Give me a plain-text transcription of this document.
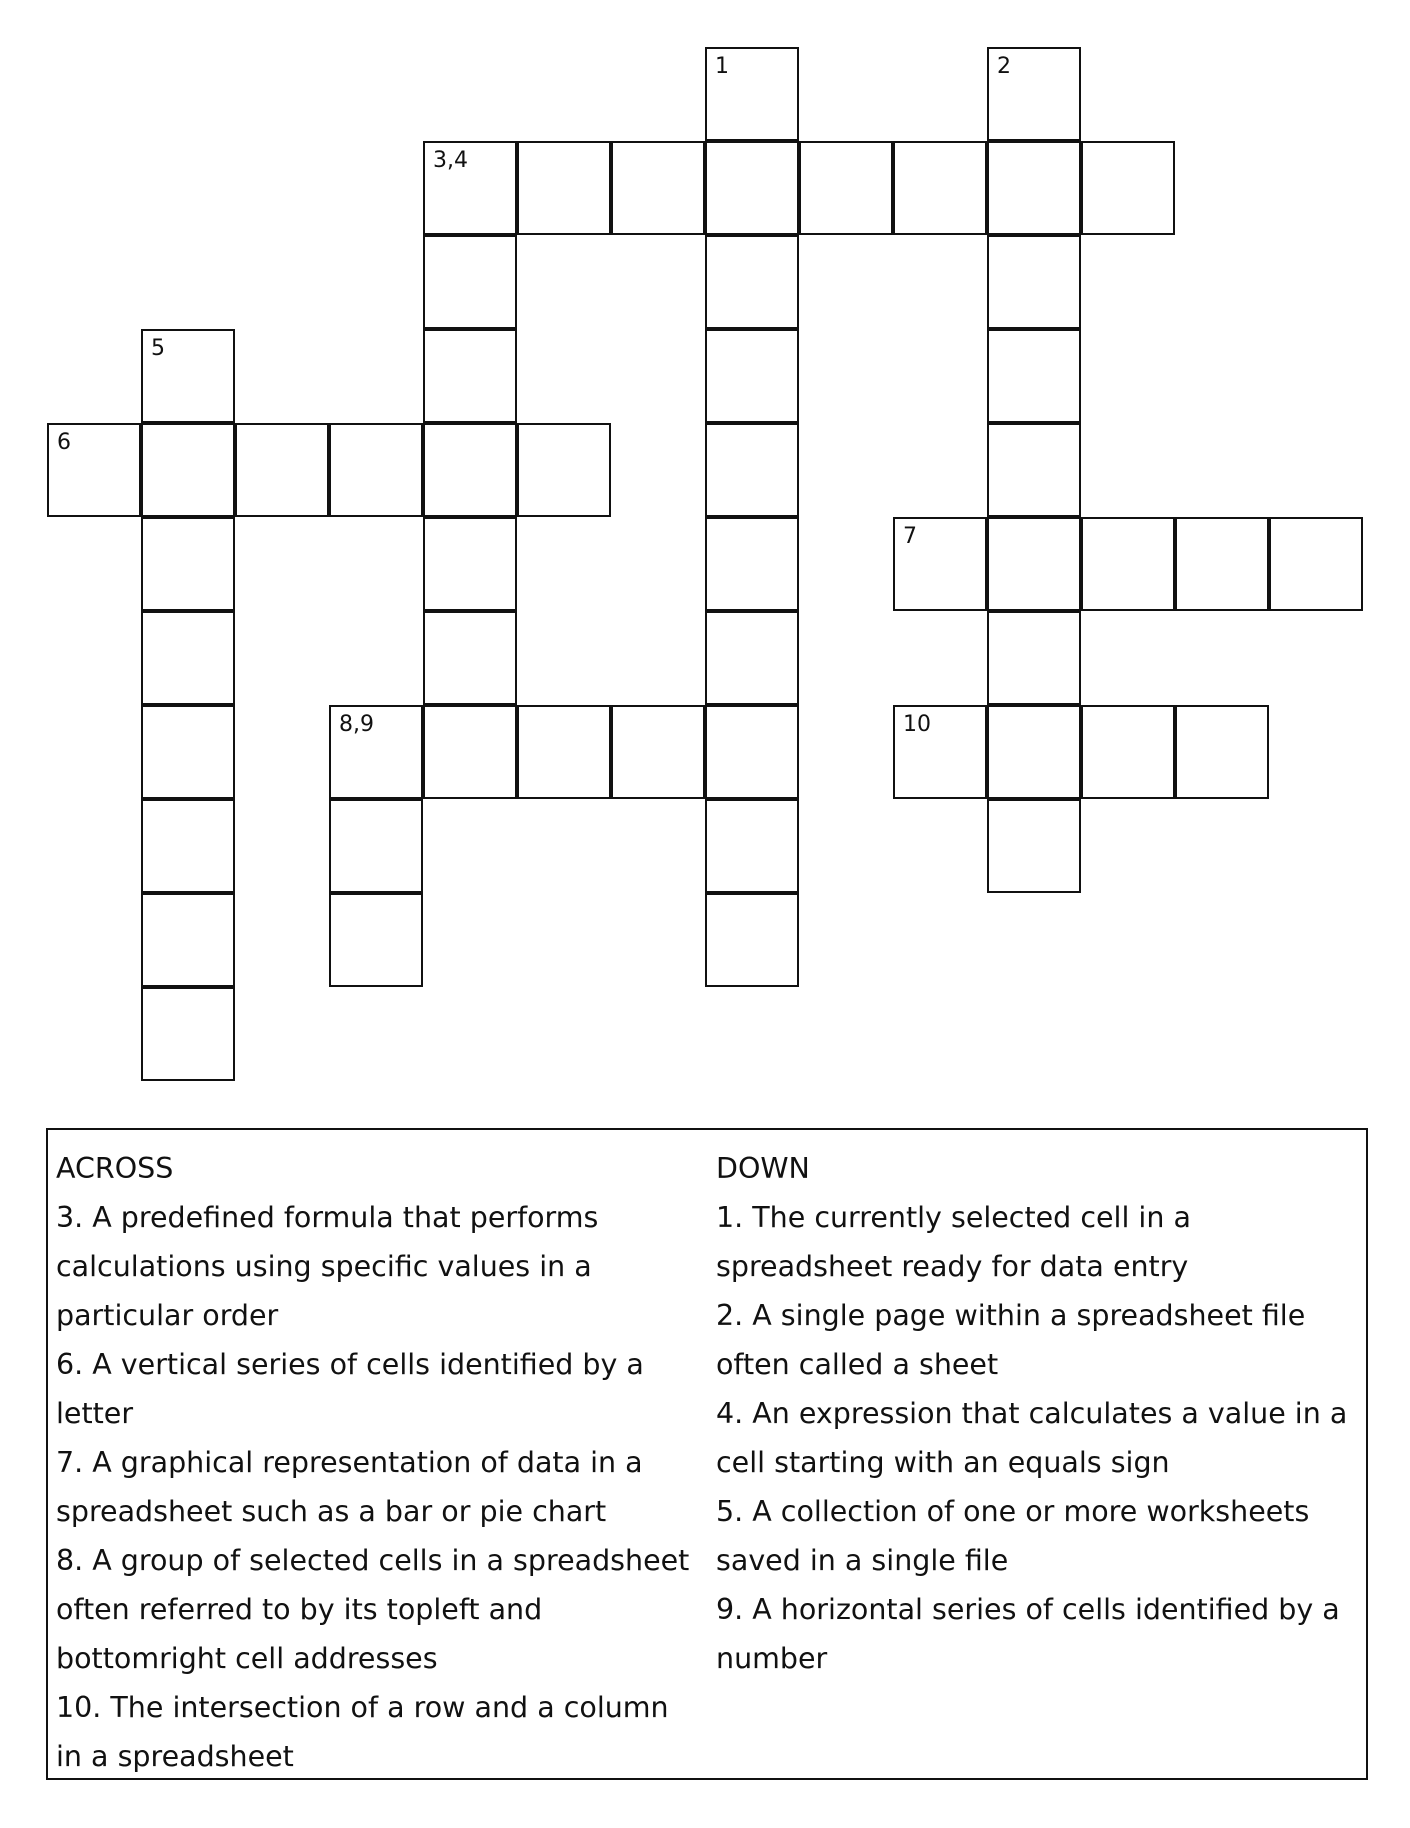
1	2
3,4
5
6
7
8,9	10

ACROSS

3. A predefined formula that performs calculations using specific values in a particular order

6. A vertical series of cells identified by a letter

7. A graphical representation of data in a spreadsheet such as a bar or pie chart

8. A group of selected cells in a spreadsheet often referred to by its topleft and bottomright cell addresses

10. The intersection of a row and a column in a spreadsheet

DOWN

1. The currently selected cell in a spreadsheet ready for data entry

2. A single page within a spreadsheet file often called a sheet

4. An expression that calculates a value in a cell starting with an equals sign

5. A collection of one or more worksheets saved in a single file

9. A horizontal series of cells identified by a number
